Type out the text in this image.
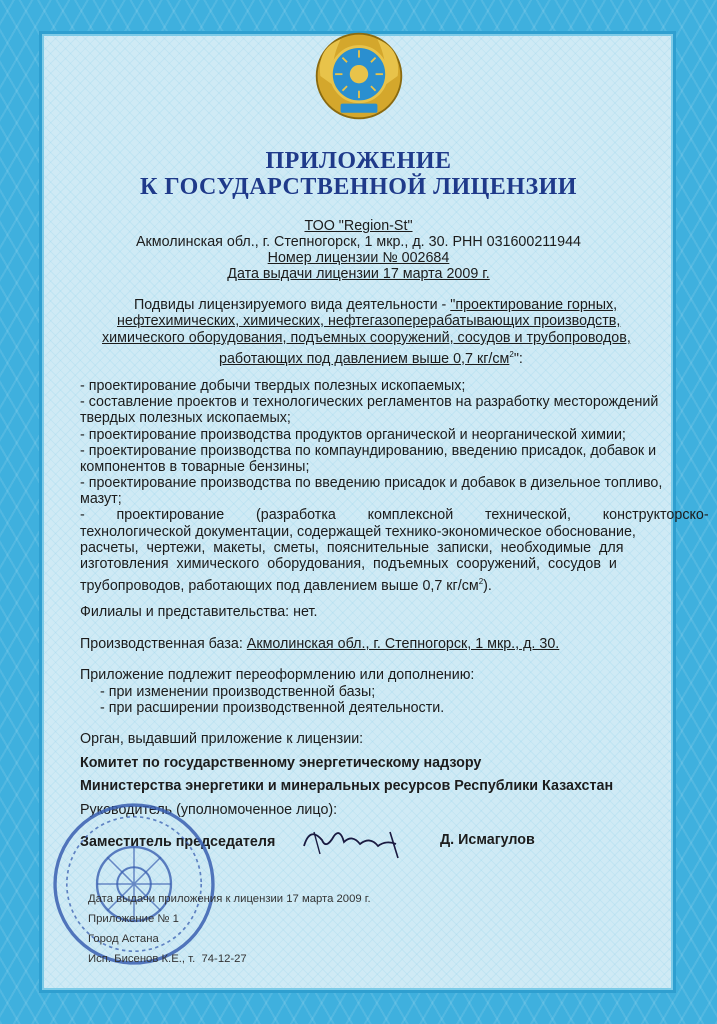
ПРИЛОЖЕНИЕ
К ГОСУДАРСТВЕННОЙ ЛИЦЕНЗИИ
ТОО "Region-St"
Акмолинская обл., г. Степногорск, 1 мкр., д. 30. РНН 031600211944
Номер лицензии № 002684
Дата выдачи лицензии 17 марта 2009 г.
Подвиды лицензируемого вида деятельности - "проектирование горных,
нефтехимических, химических, нефтегазоперерабатывающих производств,
химического оборудования, подъемных сооружений, сосудов и трубопроводов,
работающих под давлением выше 0,7 $кг/см^2$":
- проектирование добычи твердых полезных ископаемых;
- составление проектов и технологических регламентов на разработку месторождений
твердых полезных ископаемых;
- проектирование производства продуктов органической и неорганической химии;
- проектирование производства по компаундированию, введению присадок, добавок и
компонентов в товарные бензины;
- проектирование производства по введению присадок и добавок в дизельное топливо,
мазут;
-        проектирование        (разработка        комплексной        технической,        конструкторско-
технологической документации, содержащей технико-экономическое обоснование,
расчеты,  чертежи,  макеты,  сметы,  пояснительные  записки,  необходимые  для
изготовления  химического  оборудования,  подъемных  сооружений,  сосудов  и
трубопроводов, работающих под давлением выше 0,7 $кг/см^2$).
Филиалы и представительства: нет.
Производственная база: Акмолинская обл., г. Степногорск, 1 мкр., д. 30.
Приложение подлежит переоформлению или дополнению:
- при изменении производственной базы;
- при расширении производственной деятельности.
Орган, выдавший приложение к лицензии:
Комитет по государственному энергетическому надзору
Министерства энергетики и минеральных ресурсов Республики Казахстан
Руководитель (уполномоченное лицо):
Заместитель председателя	Д. Исмагулов
Дата выдачи приложения к лицензии 17 марта 2009 г.
Приложение № 1
Город Астана
Исп. Бисенов К.Е., т.  74-12-27
